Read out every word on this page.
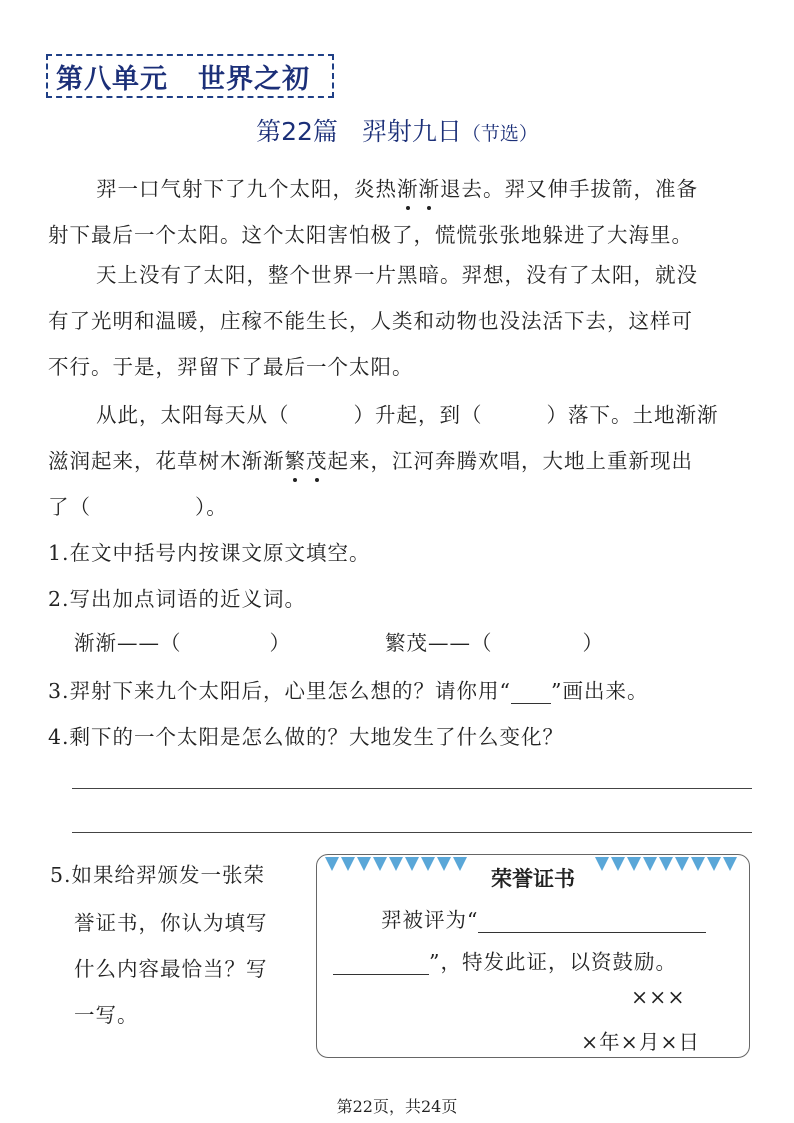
第八单元 世界之初
第22篇 羿射九日（节选）
羿一口气射下了九个太阳，炎热渐渐退去。羿又伸手拔箭，准备
射下最后一个太阳。这个太阳害怕极了，慌慌张张地躲进了大海里。
天上没有了太阳，整个世界一片黑暗。羿想，没有了太阳，就没
有了光明和温暖，庄稼不能生长，人类和动物也没法活下去，这样可
不行。于是，羿留下了最后一个太阳。
从此，太阳每天从（	）升起，到（	）落下。土地渐渐
滋润起来，花草树木渐渐繁茂起来，江河奔腾欢唱，大地上重新现出
了（	）。
1.在文中括号内按课文原文填空。
2.写出加点词语的近义词。
渐渐——（	）	繁茂——（	）
3.羿射下来九个太阳后，心里怎么想的？请你用“ ”画出来。
4.剩下的一个太阳是怎么做的？大地发生了什么变化？
5.如果给羿颁发一张荣
誉证书，你认为填写
什么内容最恰当？写
一写。
荣誉证书
羿被评为“
”，特发此证，以资鼓励。
×××
×年×月×日
第22页，共24页
